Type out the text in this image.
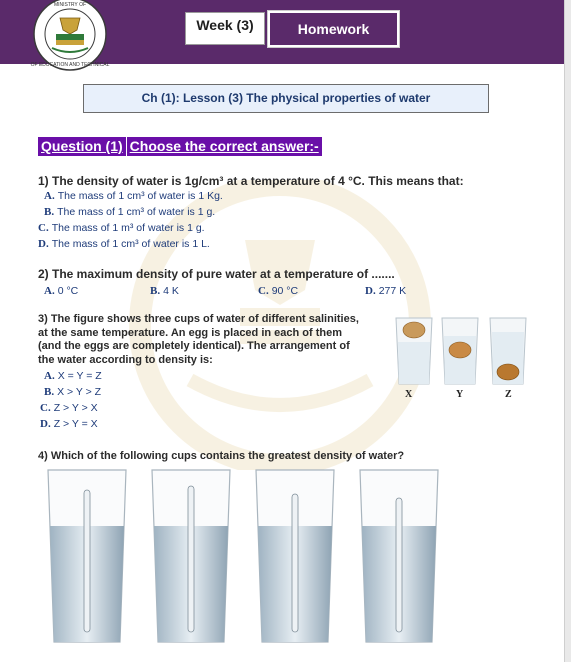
OF EDUCATION AND TECHNICAL
MINISTRY OF
Week (3)	Homework
Ch (1): Lesson (3) The physical properties of water
Question (1) Choose the correct answer:-
1) The density of water is 1g/cm³ at a temperature of 4 °C. This means that:
A. The mass of 1 cm³ of water is 1 Kg.
B. The mass of 1 cm³ of water is 1 g.
C. The mass of 1 m³ of water is 1 g.
D. The mass of 1 cm³ of water is 1 L.
2) The maximum density of pure water at a temperature of .......
A. 0 °C	B. 4 K	C. 90 °C	D. 277 K
3) The figure shows three cups of water of different salinities, at the same temperature. An egg is placed in each of them (and the eggs are completely identical). The arrangement of the water according to density is:
A. X = Y = Z
B. X > Y > Z
C. Z > Y > X
D. Z > Y = X
X	Y	Z
4) Which of the following cups contains the greatest density of water?
